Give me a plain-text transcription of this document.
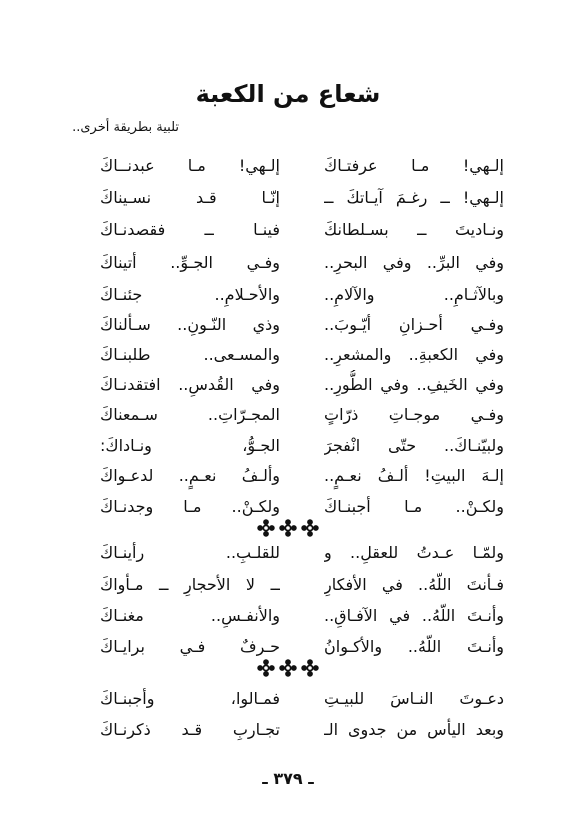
شعاع من الكعبة
تلبية بطريقة أخرى..
إلـهي! مـا عرفتـاكَ
إلـهي! مـا عبدنــاكَ
إلـهي! ــ رغـمَ آيـاتكَ ــ
إنّـا قـد نسـيناكَ
ونـاديتَ ــ بسـلطانكَ
فينـا ــ فقصدنـاكَ
وفي البرِّ.. وفي البحرِ..
وفـي الجـوِّ.. أتيناكَ
وبالآثـامِ.. والآلامِ..
والأحـلامِ.. جئنـاكَ
وفـي أحـزانِ أيّـوبَ..
وذي النّـونِ.. سـألناكَ
وفي الكعبةِ.. والمشعرِ..
والمسـعى.. طلبنـاكَ
وفي الخَيفِ.. وفي الطُّورِ..
وفي القُدسِ.. افتقدنـاكَ
وفـي موجـاتِ ذرّاتٍ
المجـرّاتِ.. سـمعناكَ
ولبيّنـاكَ.. حتّى انْفجرَ
الجـوُّ، ونـاداكَ:
إلـهَ البيتِ! ألـفُ نعـمٍ..
وألـفُ نعـمٍ.. لدعـواكَ
ولكـنْ.. مـا أجبنـاكَ
ولكـنْ.. مـا وجدنـاكَ

ولمّـا عـدتُ للعقلِ.. و
للقلـبِ.. رأينـاكَ
فـأنتَ اللّهُ.. في الأفكارِ
ــ لا الأحجارِ ــ مـأواكَ
وأنـتَ اللّهُ.. في الآفـاقِ..
والأنفـسِ.. مغنـاكَ
وأنـتَ اللّهُ.. والأكـوانُ
حـرفٌ فـي برايـاكَ

دعـوتَ النـاسَ للبيـتِ
فمـالوا، وأجبنـاكَ
وبعد اليأس من جدوى الـ
تجـاربِ قـد ذكرنـاكَ
ـ ٣٧٩ ـ
